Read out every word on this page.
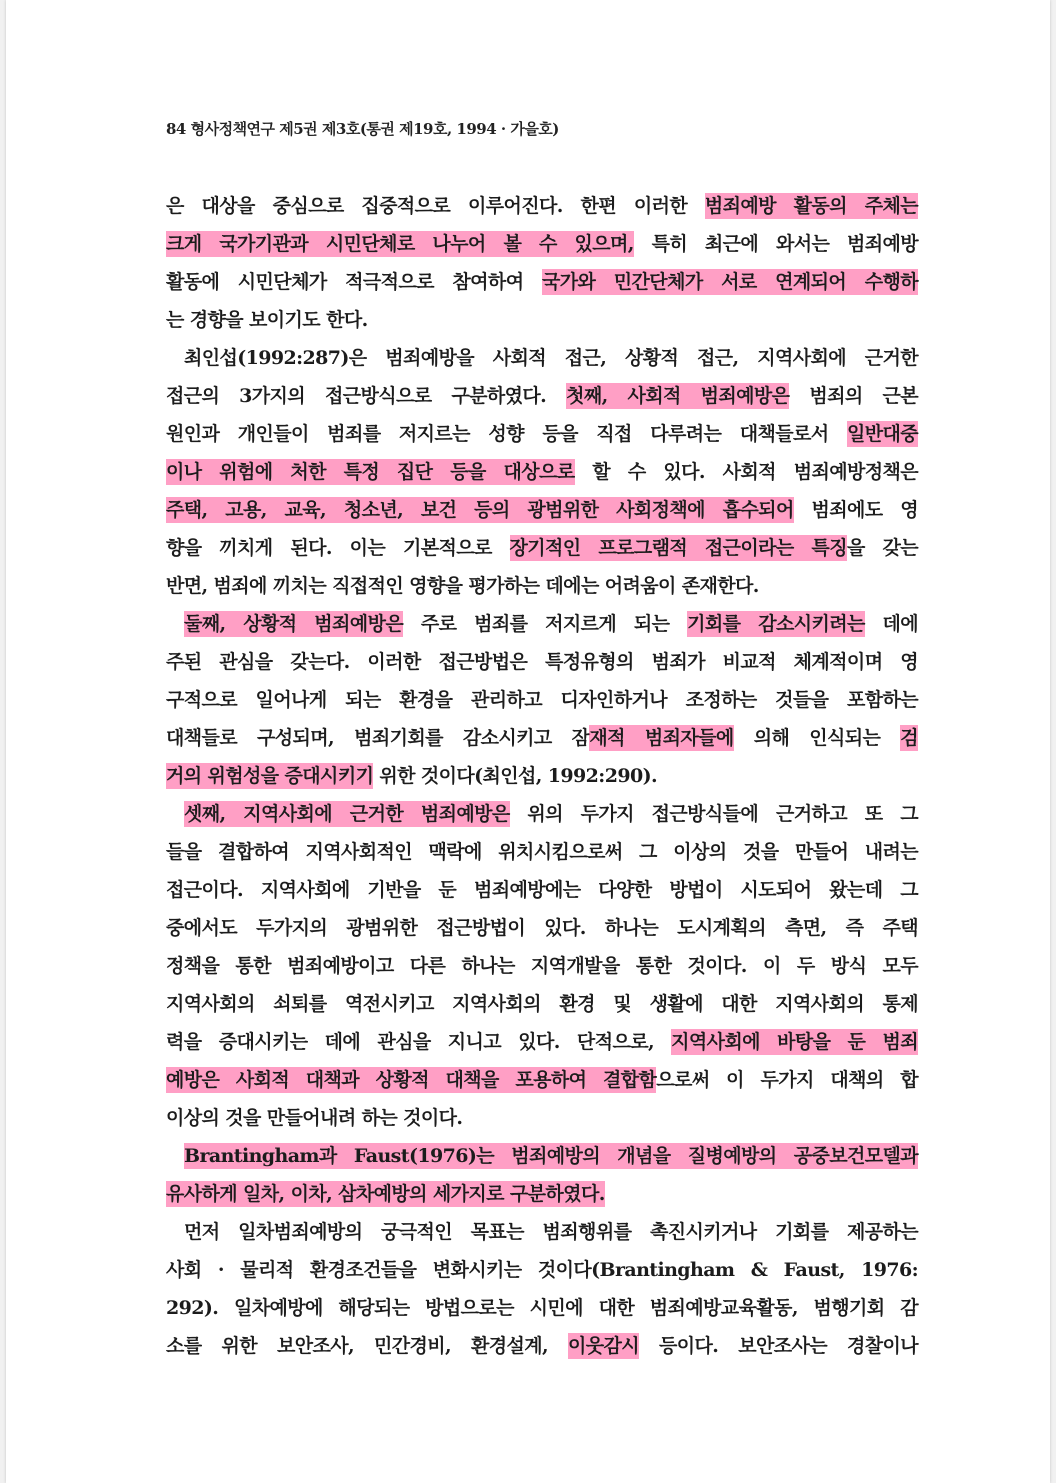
84 형사정책연구 제5권 제3호(통권 제19호, 1994 · 가을호)
은 대상을 중심으로 집중적으로 이루어진다. 한편 이러한 범죄예방 활동의 주체는
크게 국가기관과 시민단체로 나누어 볼 수 있으며, 특히 최근에 와서는 범죄예방
활동에 시민단체가 적극적으로 참여하여 국가와 민간단체가 서로 연계되어 수행하
는 경향을 보이기도 한다.
최인섭(1992:287)은 범죄예방을 사회적 접근, 상황적 접근, 지역사회에 근거한
접근의 3가지의 접근방식으로 구분하였다. 첫째, 사회적 범죄예방은 범죄의 근본
원인과 개인들이 범죄를 저지르는 성향 등을 직접 다루려는 대책들로서 일반대중
이나 위험에 처한 특정 집단 등을 대상으로 할 수 있다. 사회적 범죄예방정책은
주택, 고용, 교육, 청소년, 보건 등의 광범위한 사회정책에 흡수되어 범죄에도 영
향을 끼치게 된다. 이는 기본적으로 장기적인 프로그램적 접근이라는 특징을 갖는
반면, 범죄에 끼치는 직접적인 영향을 평가하는 데에는 어려움이 존재한다.
둘째, 상황적 범죄예방은 주로 범죄를 저지르게 되는 기회를 감소시키려는 데에
주된 관심을 갖는다. 이러한 접근방법은 특정유형의 범죄가 비교적 체계적이며 영
구적으로 일어나게 되는 환경을 관리하고 디자인하거나 조정하는 것들을 포함하는
대책들로 구성되며, 범죄기회를 감소시키고 잠재적 범죄자들에 의해 인식되는 검
거의 위험성을 증대시키기 위한 것이다(최인섭, 1992:290).
셋째, 지역사회에 근거한 범죄예방은 위의 두가지 접근방식들에 근거하고 또 그
들을 결합하여 지역사회적인 맥락에 위치시킴으로써 그 이상의 것을 만들어 내려는
접근이다. 지역사회에 기반을 둔 범죄예방에는 다양한 방법이 시도되어 왔는데 그
중에서도 두가지의 광범위한 접근방법이 있다. 하나는 도시계획의 측면, 즉 주택
정책을 통한 범죄예방이고 다른 하나는 지역개발을 통한 것이다. 이 두 방식 모두
지역사회의 쇠퇴를 역전시키고 지역사회의 환경 및 생활에 대한 지역사회의 통제
력을 증대시키는 데에 관심을 지니고 있다. 단적으로, 지역사회에 바탕을 둔 범죄
예방은 사회적 대책과 상황적 대책을 포용하여 결합함으로써 이 두가지 대책의 합
이상의 것을 만들어내려 하는 것이다.
Brantingham과 Faust(1976)는 범죄예방의 개념을 질병예방의 공중보건모델과
유사하게 일차, 이차, 삼차예방의 세가지로 구분하였다.
먼저 일차범죄예방의 궁극적인 목표는 범죄행위를 촉진시키거나 기회를 제공하는
사회 · 물리적 환경조건들을 변화시키는 것이다(Brantingham & Faust, 1976:
292). 일차예방에 해당되는 방법으로는 시민에 대한 범죄예방교육활동, 범행기회 감
소를 위한 보안조사, 민간경비, 환경설계, 이웃감시 등이다. 보안조사는 경찰이나
